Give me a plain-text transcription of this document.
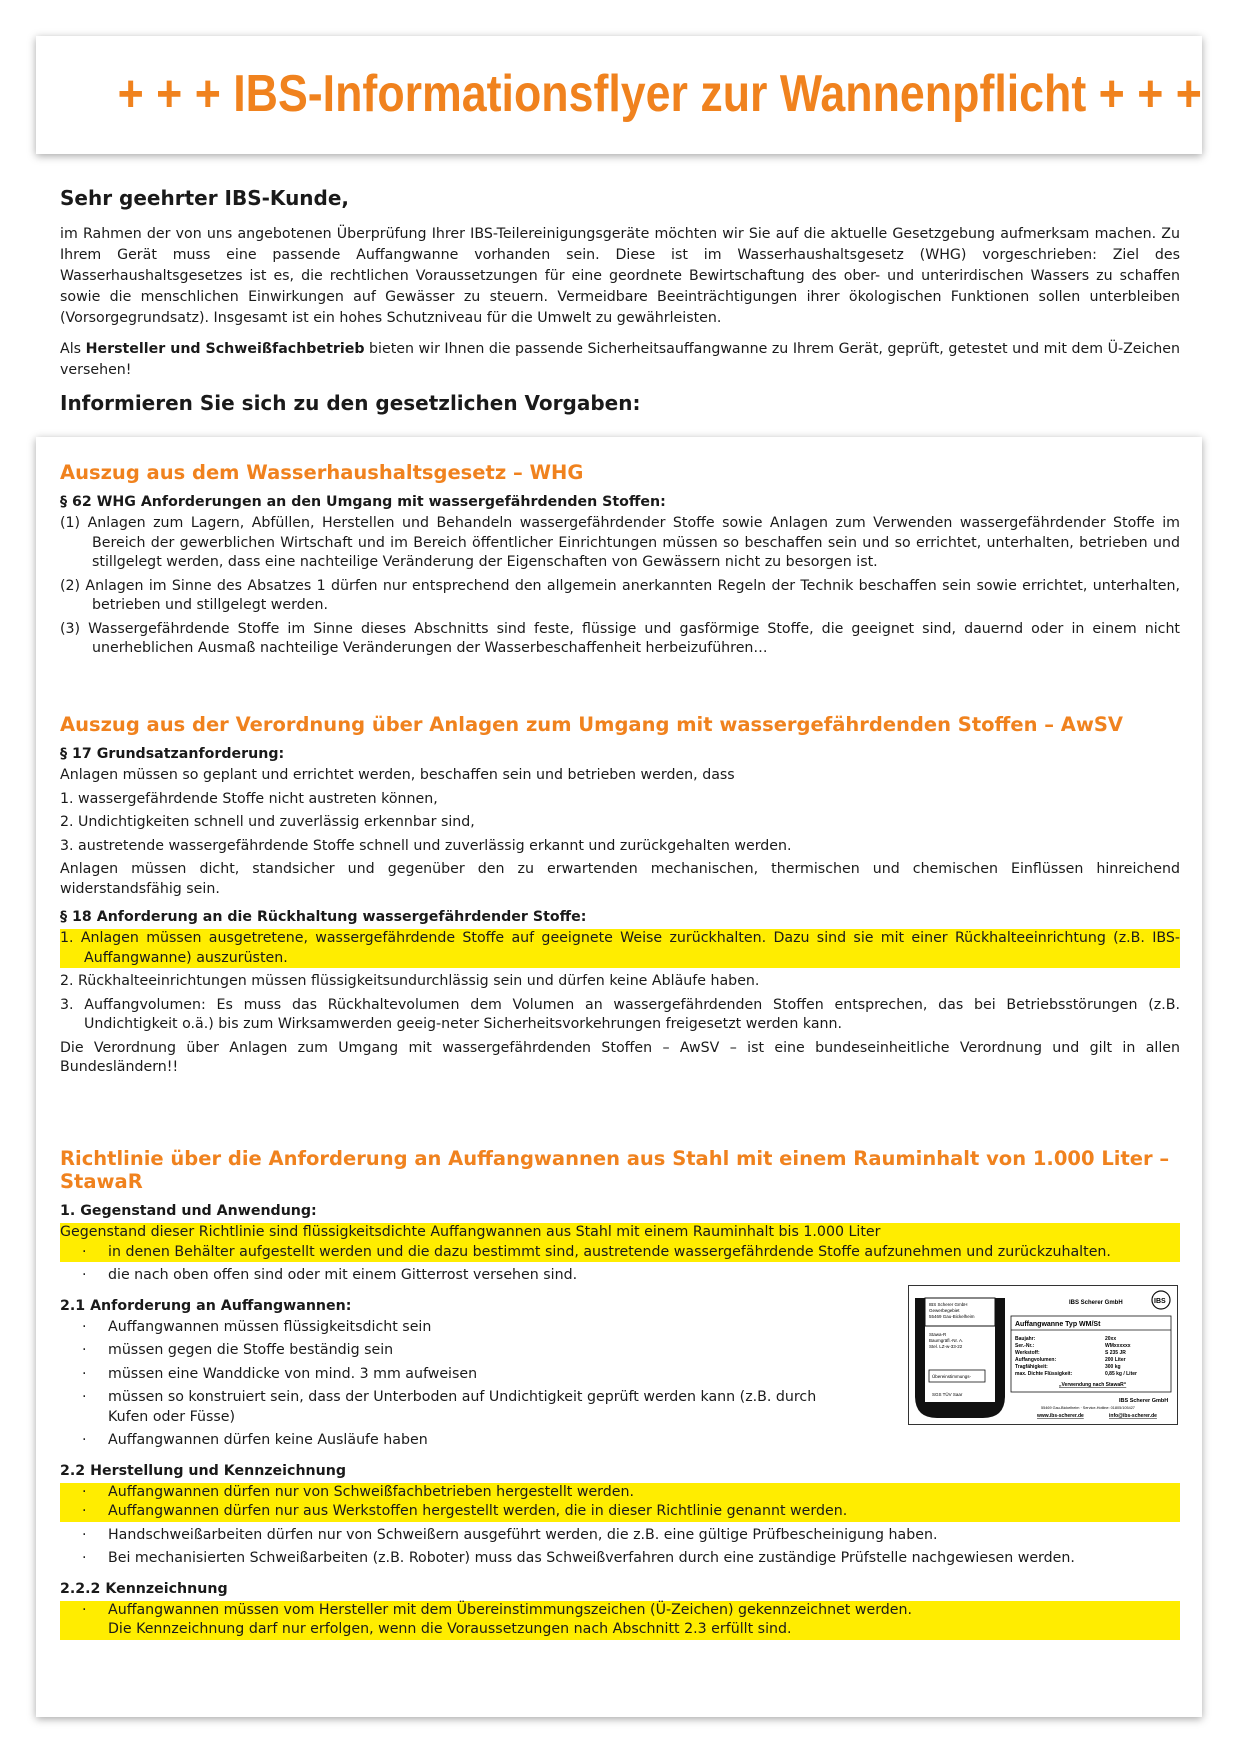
+ + + IBS-Informationsflyer zur Wannenpflicht + + +
Sehr geehrter IBS-Kunde,

im Rahmen der von uns angebotenen Überprüfung Ihrer IBS-Teilereinigungsgeräte möchten wir Sie auf die aktuelle Gesetzgebung aufmerksam machen. Zu Ihrem Gerät muss eine passende Auffangwanne vorhanden sein. Diese ist im Wasserhaushaltsgesetz (WHG) vorgeschrieben: Ziel des Wasserhaushaltsgesetzes ist es, die rechtlichen Voraussetzungen für eine geordnete Bewirtschaftung des ober- und unterirdischen Wassers zu schaffen sowie die menschlichen Einwirkungen auf Gewässer zu steuern. Vermeidbare Beeinträchtigungen ihrer ökologischen Funktionen sollen unterbleiben (Vorsorgegrundsatz). Insgesamt ist ein hohes Schutzniveau für die Umwelt zu gewährleisten.

Als Hersteller und Schweißfachbetrieb bieten wir Ihnen die passende Sicherheitsauffangwanne zu Ihrem Gerät, geprüft, getestet und mit dem Ü-Zeichen versehen!

Informieren Sie sich zu den gesetzlichen Vorgaben:
Auszug aus dem Wasserhaushaltsgesetz – WHG
§ 62 WHG Anforderungen an den Umgang mit wassergefährdenden Stoffen:
(1) Anlagen zum Lagern, Abfüllen, Herstellen und Behandeln wassergefährdender Stoffe sowie Anlagen zum Verwenden wassergefährdender Stoffe im Bereich der gewerblichen Wirtschaft und im Bereich öffentlicher Einrichtungen müssen so beschaffen sein und so errichtet, unterhalten, betrieben und stillgelegt werden, dass eine nachteilige Veränderung der Eigenschaften von Gewässern nicht zu besorgen ist.
(2) Anlagen im Sinne des Absatzes 1 dürfen nur entsprechend den allgemein anerkannten Regeln der Technik beschaffen sein sowie errichtet, unterhalten, betrieben und stillgelegt werden.
(3) Wassergefährdende Stoffe im Sinne dieses Abschnitts sind feste, flüssige und gasförmige Stoffe, die geeignet sind, dauernd oder in einem nicht unerheblichen Ausmaß nachteilige Veränderungen der Wasserbeschaffenheit herbeizuführen…
Auszug aus der Verordnung über Anlagen zum Umgang mit wassergefährdenden Stoffen – AwSV
§ 17 Grundsatzanforderung:
Anlagen müssen so geplant und errichtet werden, beschaffen sein und betrieben werden, dass
1. wassergefährdende Stoffe nicht austreten können,
2. Undichtigkeiten schnell und zuverlässig erkennbar sind,
3. austretende wassergefährdende Stoffe schnell und zuverlässig erkannt und zurückgehalten werden.
Anlagen müssen dicht, standsicher und gegenüber den zu erwartenden mechanischen, thermischen und chemischen Einflüssen hinreichend widerstandsfähig sein.
§ 18 Anforderung an die Rückhaltung wassergefährdender Stoffe:
1. Anlagen müssen ausgetretene, wassergefährdende Stoffe auf geeignete Weise zurückhalten. Dazu sind sie mit einer Rückhalteeinrichtung (z.B. IBS-Auffangwanne) auszurüsten.
2. Rückhalteeinrichtungen müssen flüssigkeitsundurchlässig sein und dürfen keine Abläufe haben.
3. Auffangvolumen: Es muss das Rückhaltevolumen dem Volumen an wassergefährdenden Stoffen entsprechen, das bei Betriebsstörungen (z.B. Undichtigkeit o.ä.) bis zum Wirksamwerden geeig-neter Sicherheitsvorkehrungen freigesetzt werden kann.
Die Verordnung über Anlagen zum Umgang mit wassergefährdenden Stoffen – AwSV – ist eine bundeseinheitliche Verordnung und gilt in allen Bundesländern!!
Richtlinie über die Anforderung an Auffangwannen aus Stahl mit einem Rauminhalt von 1.000 Liter – StawaR
1. Gegenstand und Anwendung:
Gegenstand dieser Richtlinie sind flüssigkeitsdichte Auffangwannen aus Stahl mit einem Rauminhalt bis 1.000 Liter
· in denen Behälter aufgestellt werden und die dazu bestimmt sind, austretende wassergefährdende Stoffe aufzunehmen und zurückzuhalten.
· die nach oben offen sind oder mit einem Gitterrost versehen sind.
2.1 Anforderung an Auffangwannen:
· Auffangwannen müssen flüssigkeitsdicht sein
· müssen gegen die Stoffe beständig sein
· müssen eine Wanddicke von mind. 3 mm aufweisen
· müssen so konstruiert sein, dass der Unterboden auf Undichtigkeit geprüft werden kann (z.B. durch Kufen oder Füsse)
· Auffangwannen dürfen keine Ausläufe haben
2.2 Herstellung und Kennzeichnung
· Auffangwannen dürfen nur von Schweißfachbetrieben hergestellt werden.
· Auffangwannen dürfen nur aus Werkstoffen hergestellt werden, die in dieser Richtlinie genannt werden.
· Handschweißarbeiten dürfen nur von Schweißern ausgeführt werden, die z.B. eine gültige Prüfbescheinigung haben.
· Bei mechanisierten Schweißarbeiten (z.B. Roboter) muss das Schweißverfahren durch eine zuständige Prüfstelle nachgewiesen werden.
2.2.2 Kennzeichnung
· Auffangwannen müssen vom Hersteller mit dem Übereinstimmungszeichen (Ü-Zeichen) gekennzeichnet werden.
Die Kennzeichnung darf nur erfolgen, wenn die Voraussetzungen nach Abschnitt 2.3 erfüllt sind.
IBS Scherer GmbH
Gewerbegebiet
55469 Gau-Bickelheim
Stawa-R
Baumgräfl.-Nr. A.
Stel. LZ-w-33-22
Übereinstimmungs-
SGS TÜV Saar
IBS Scherer GmbH	IBS
Auffangwanne Typ WM/St
Baujahr:	20xx
Ser.-Nr.:	WMxxxxxx
Werkstoff:	S 235 JR
Auffangvolumen:	200 Liter
Tragfähigkeit:	300 kg
max. Dichte Flüssigkeit:	0,85 kg / Liter
„Verwendung nach StawaR“
IBS Scherer GmbH
55469 Gau-Bickelheim · Service-Hotline: 01805/105427
www.ibs-scherer.de	info@ibs-scherer.de
